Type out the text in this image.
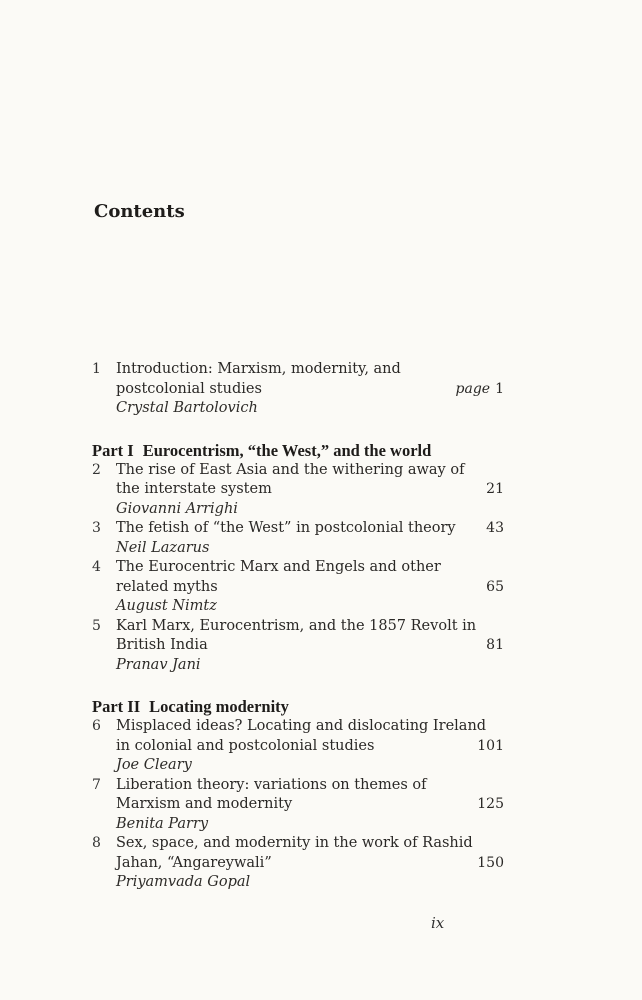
Contents
1	Introduction: Marxism, modernity, and
postcolonial studies
Crystal Bartolovich
page 1
Part I Eurocentrism, “the West,” and the world
2	The rise of East Asia and the withering away of
the interstate system
Giovanni Arrighi
21
3	The fetish of “the West” in postcolonial theory
Neil Lazarus
43
4	The Eurocentric Marx and Engels and other
related myths
August Nimtz
65
5	Karl Marx, Eurocentrism, and the 1857 Revolt in
British India
Pranav Jani
81
Part II Locating modernity
6	Misplaced ideas? Locating and dislocating Ireland
in colonial and postcolonial studies
Joe Cleary
101
7	Liberation theory: variations on themes of
Marxism and modernity
Benita Parry
125
8	Sex, space, and modernity in the work of Rashid
Jahan, “Angareywali”
Priyamvada Gopal
150
ix
